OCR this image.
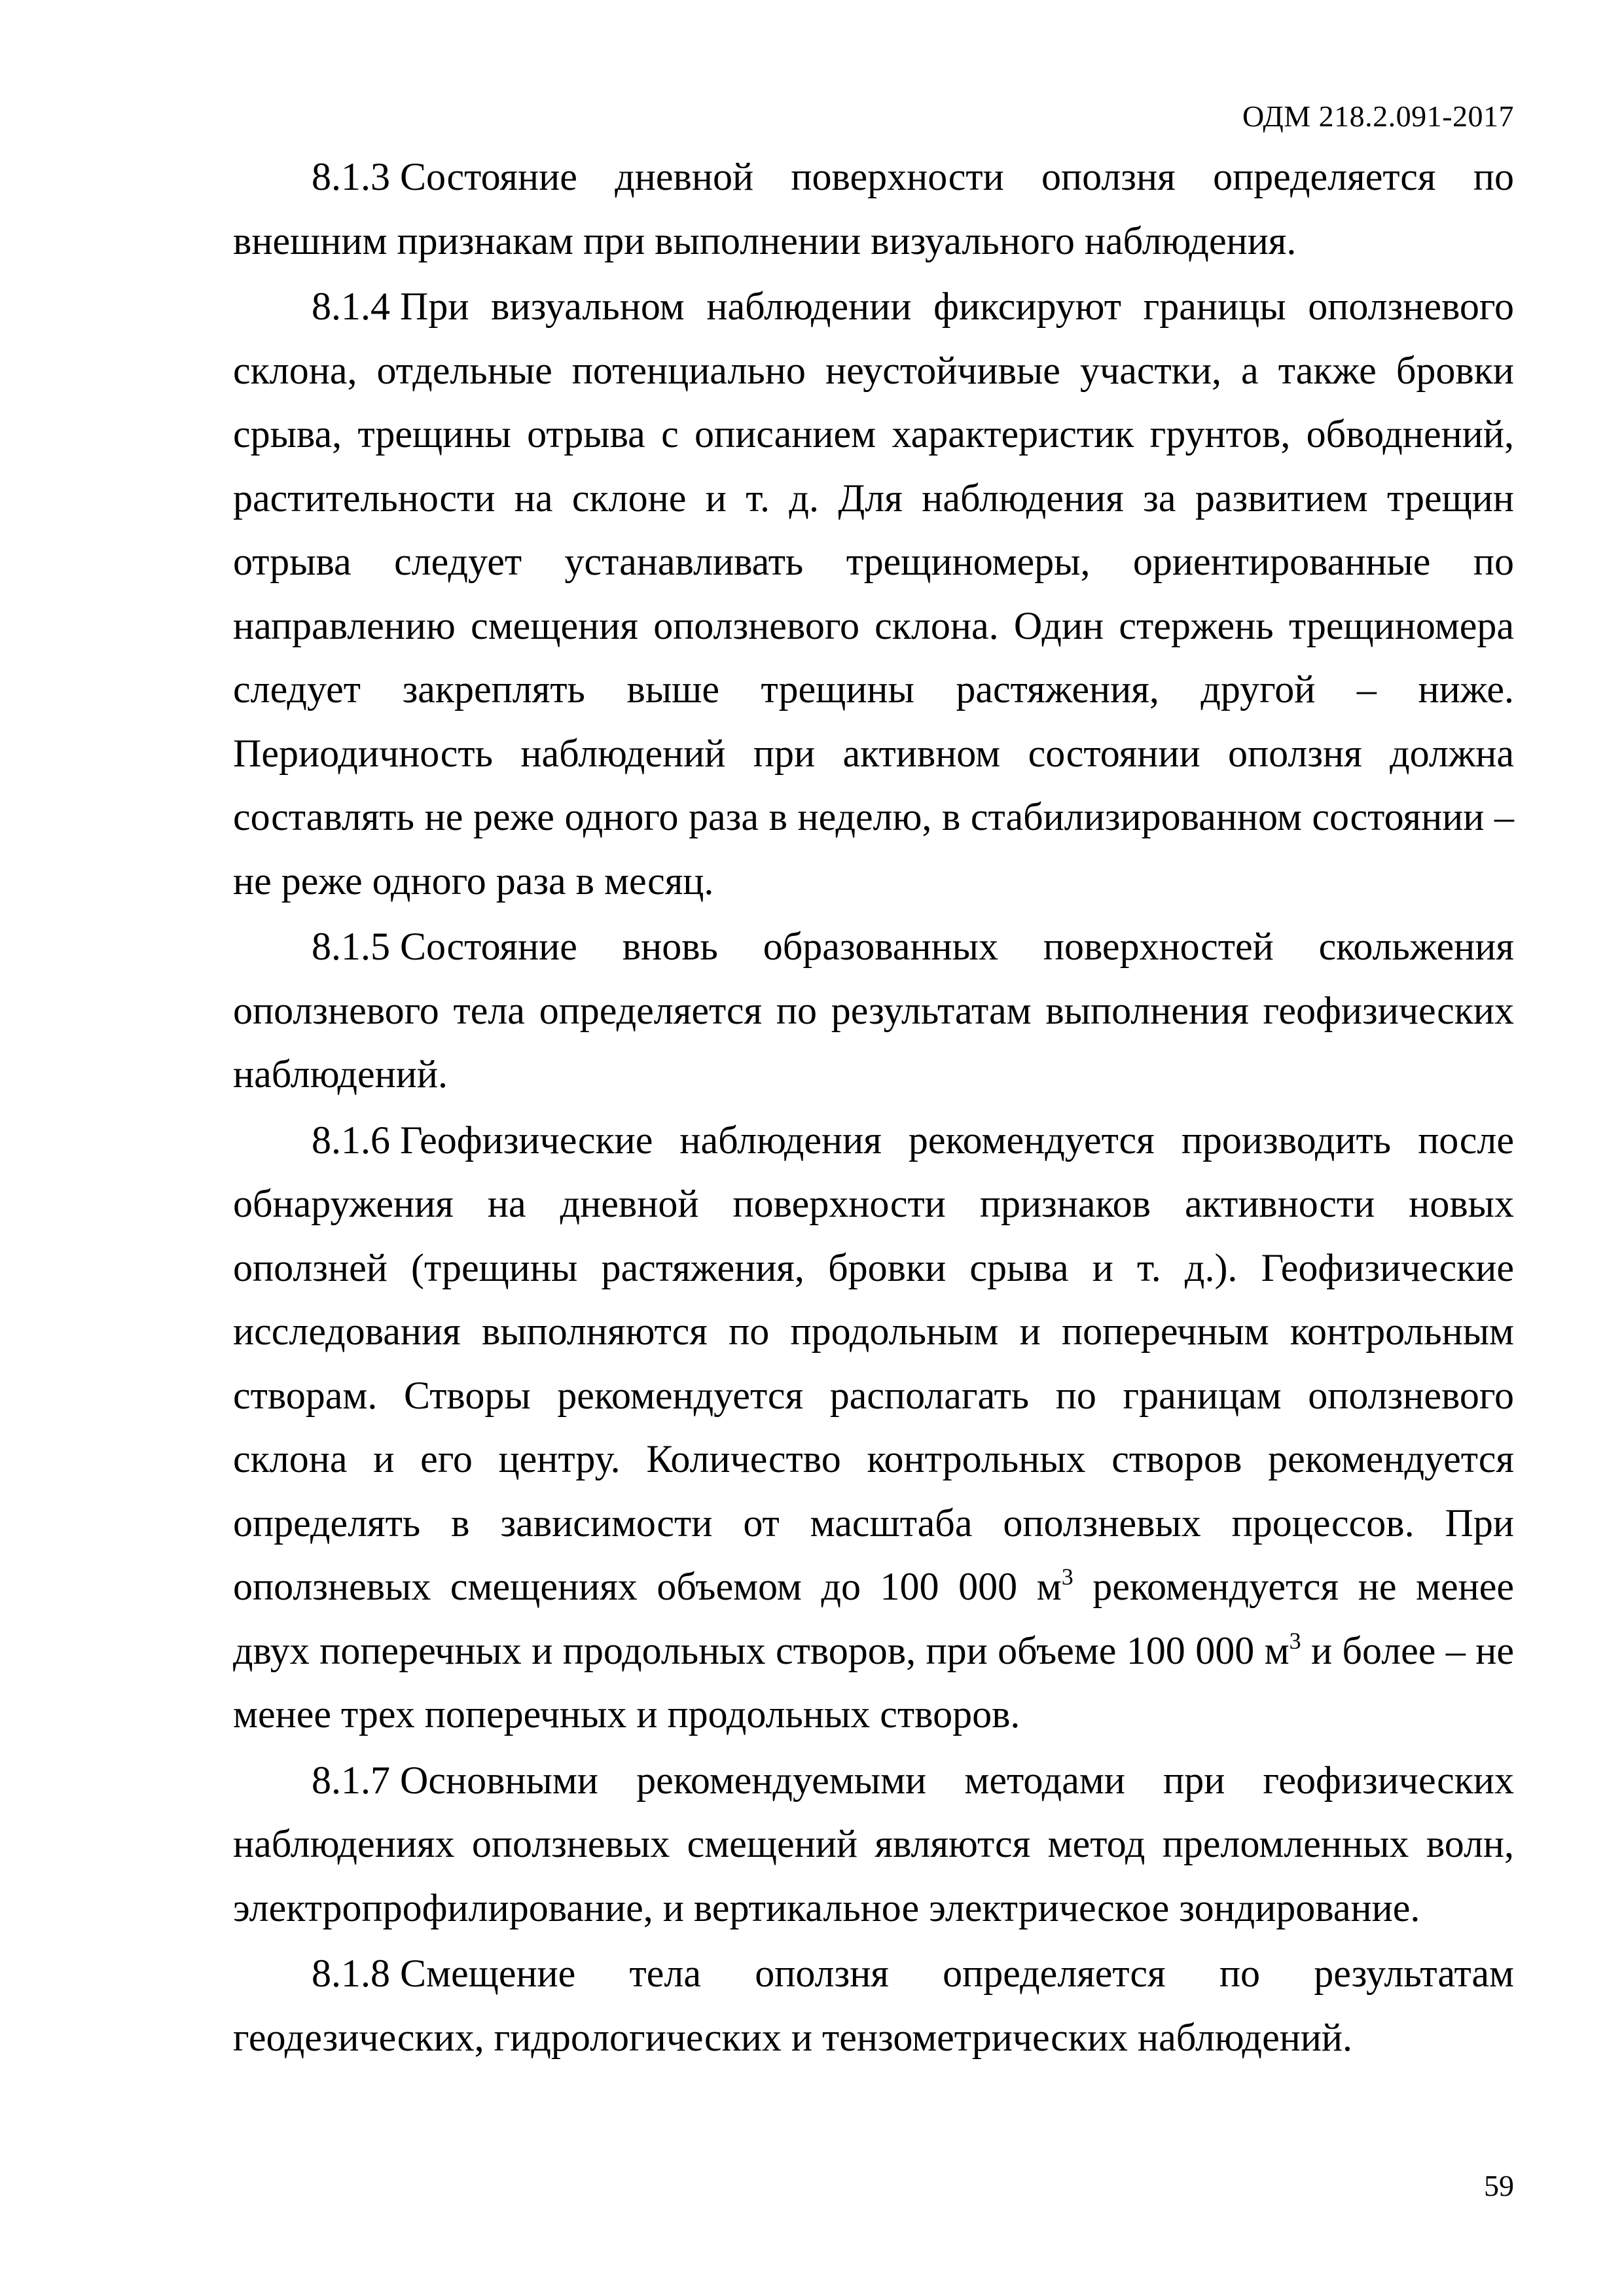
ОДМ 218.2.091-2017

8.1.3 Состояние дневной поверхности оползня определяется по внешним признакам при выполнении визуального наблюдения.

8.1.4 При визуальном наблюдении фиксируют границы оползневого склона, отдельные потенциально неустойчивые участки, а также бровки срыва, трещины отрыва с описанием характеристик грунтов, обводнений, растительности на склоне и т. д. Для наблюдения за развитием трещин отрыва следует устанавливать трещиномеры, ориентированные по направлению смещения оползневого склона. Один стержень трещиномера следует закреплять выше трещины растяжения, другой – ниже. Периодичность наблюдений при активном состоянии оползня должна составлять не реже одного раза в неделю, в стабилизированном состоянии – не реже одного раза в месяц.

8.1.5 Состояние вновь образованных поверхностей скольжения оползневого тела определяется по результатам выполнения геофизических наблюдений.

8.1.6 Геофизические наблюдения рекомендуется производить после обнаружения на дневной поверхности признаков активности новых оползней (трещины растяжения, бровки срыва и т. д.). Геофизические исследования выполняются по продольным и поперечным контрольным створам. Створы рекомендуется располагать по границам оползневого склона и его центру. Количество контрольных створов рекомендуется определять в зависимости от масштаба оползневых процессов. При оползневых смещениях объемом до 100 000 $м^3$ рекомендуется не менее двух поперечных и продольных створов, при объеме 100 000 $м^3$ и более – не менее трех поперечных и продольных створов.

8.1.7 Основными рекомендуемыми методами при геофизических наблюдениях оползневых смещений являются метод преломленных волн, электропрофилирование, и вертикальное электрическое зондирование.

8.1.8 Смещение тела оползня определяется по результатам геодезических, гидрологических и тензометрических наблюдений.

59
